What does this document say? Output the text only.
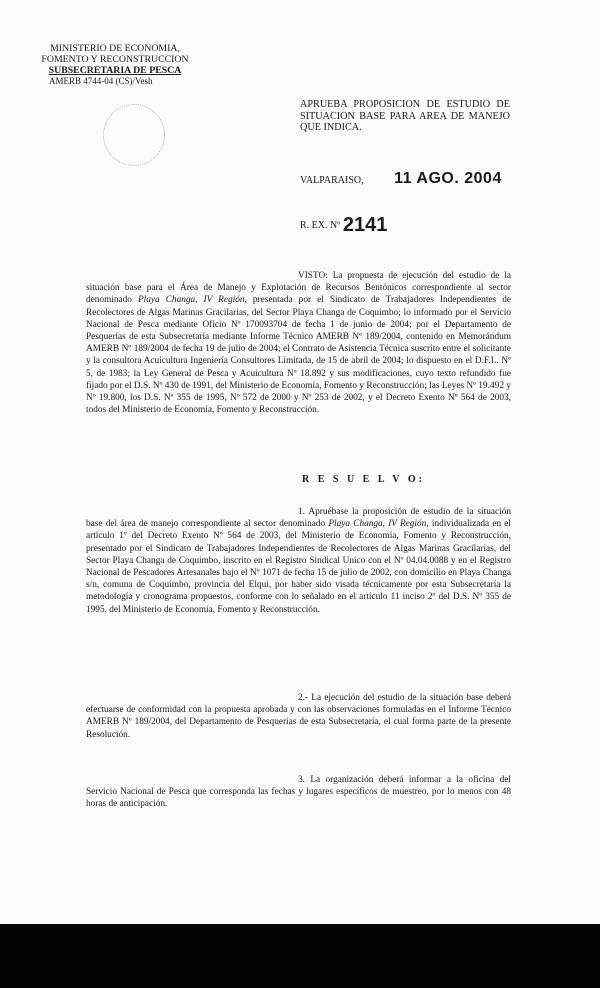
MINISTERIO DE ECONOMIA,
FOMENTO Y RECONSTRUCCION
SUBSECRETARIA DE PESCA
AMERB 4744-04 (CS)/Vesh
APRUEBA PROPOSICION DE ESTUDIO DE SITUACION BASE PARA AREA DE MANEJO QUE INDICA.
VALPARAISO, 11 AGO. 2004
R. EX. Nº 2141
VISTO: La propuesta de ejecución del estudio de la situación base para el Área de Manejo y Explotación de Recursos Bentónicos correspondiente al sector denominado Playa Changa, IV Región, presentada por el Sindicato de Trabajadores Independientes de Recolectores de Algas Marinas Gracilarias, del Sector Playa Changa de Coquimbo; lo informado por el Servicio Nacional de Pesca mediante Oficio Nº 170093704 de fecha 1 de junio de 2004; por el Departamento de Pesquerías de esta Subsecretaría mediante Informe Técnico AMERB Nº 189/2004, contenido en Memorándum AMERB Nº 189/2004 de fecha 19 de julio de 2004; el Contrato de Asistencia Técnica suscrito entre el solicitante y la consultora Acuicultura Ingeniería Consultores Limitada, de 15 de abril de 2004; lo dispuesto en el D.F.L. Nº 5, de 1983; la Ley General de Pesca y Acuicultura Nº 18.892 y sus modificaciones, cuyo texto refundido fue fijado por el D.S. Nº 430 de 1991, del Ministerio de Economía, Fomento y Reconstrucción; las Leyes Nº 19.492 y Nº 19.800, los D.S. Nº 355 de 1995, Nº 572 de 2000 y Nº 253 de 2002, y el Decreto Exento Nº 564 de 2003, todos del Ministerio de Economía, Fomento y Reconstrucción.
R E S U E L V O:
1. Apruébase la proposición de estudio de la situación base del área de manejo correspondiente al sector denominado Playa Changa, IV Región, individualizada en el artículo 1º del Decreto Exento Nº 564 de 2003, del Ministerio de Economía, Fomento y Reconstrucción, presentado por el Sindicato de Trabajadores Independientes de Recolectores de Algas Marinas Gracilarias, del Sector Playa Changa de Coquimbo, inscrito en el Registro Sindical Unico con el Nº 04.04.0088 y en el Registro Nacional de Pescadores Artesanales bajo el Nº 1071 de fecha 15 de julio de 2002, con domicilio en Playa Changa s/n, comuna de Coquimbo, provincia del Elqui, por haber sido visada técnicamente por esta Subsecretaría la metodología y cronograma propuestos, conforme con lo señalado en el artículo 11 inciso 2º del D.S. Nº 355 de 1995, del Ministerio de Economía, Fomento y Reconstrucción.
2.- La ejecución del estudio de la situación base deberá efectuarse de conformidad con la propuesta aprobada y con las observaciones formuladas en el Informe Técnico AMERB Nº 189/2004, del Departamento de Pesquerías de esta Subsecretaría, el cual forma parte de la presente Resolución.
3. La organización deberá informar a la oficina del Servicio Nacional de Pesca que corresponda las fechas y lugares específicos de muestreo, por lo menos con 48 horas de anticipación.
